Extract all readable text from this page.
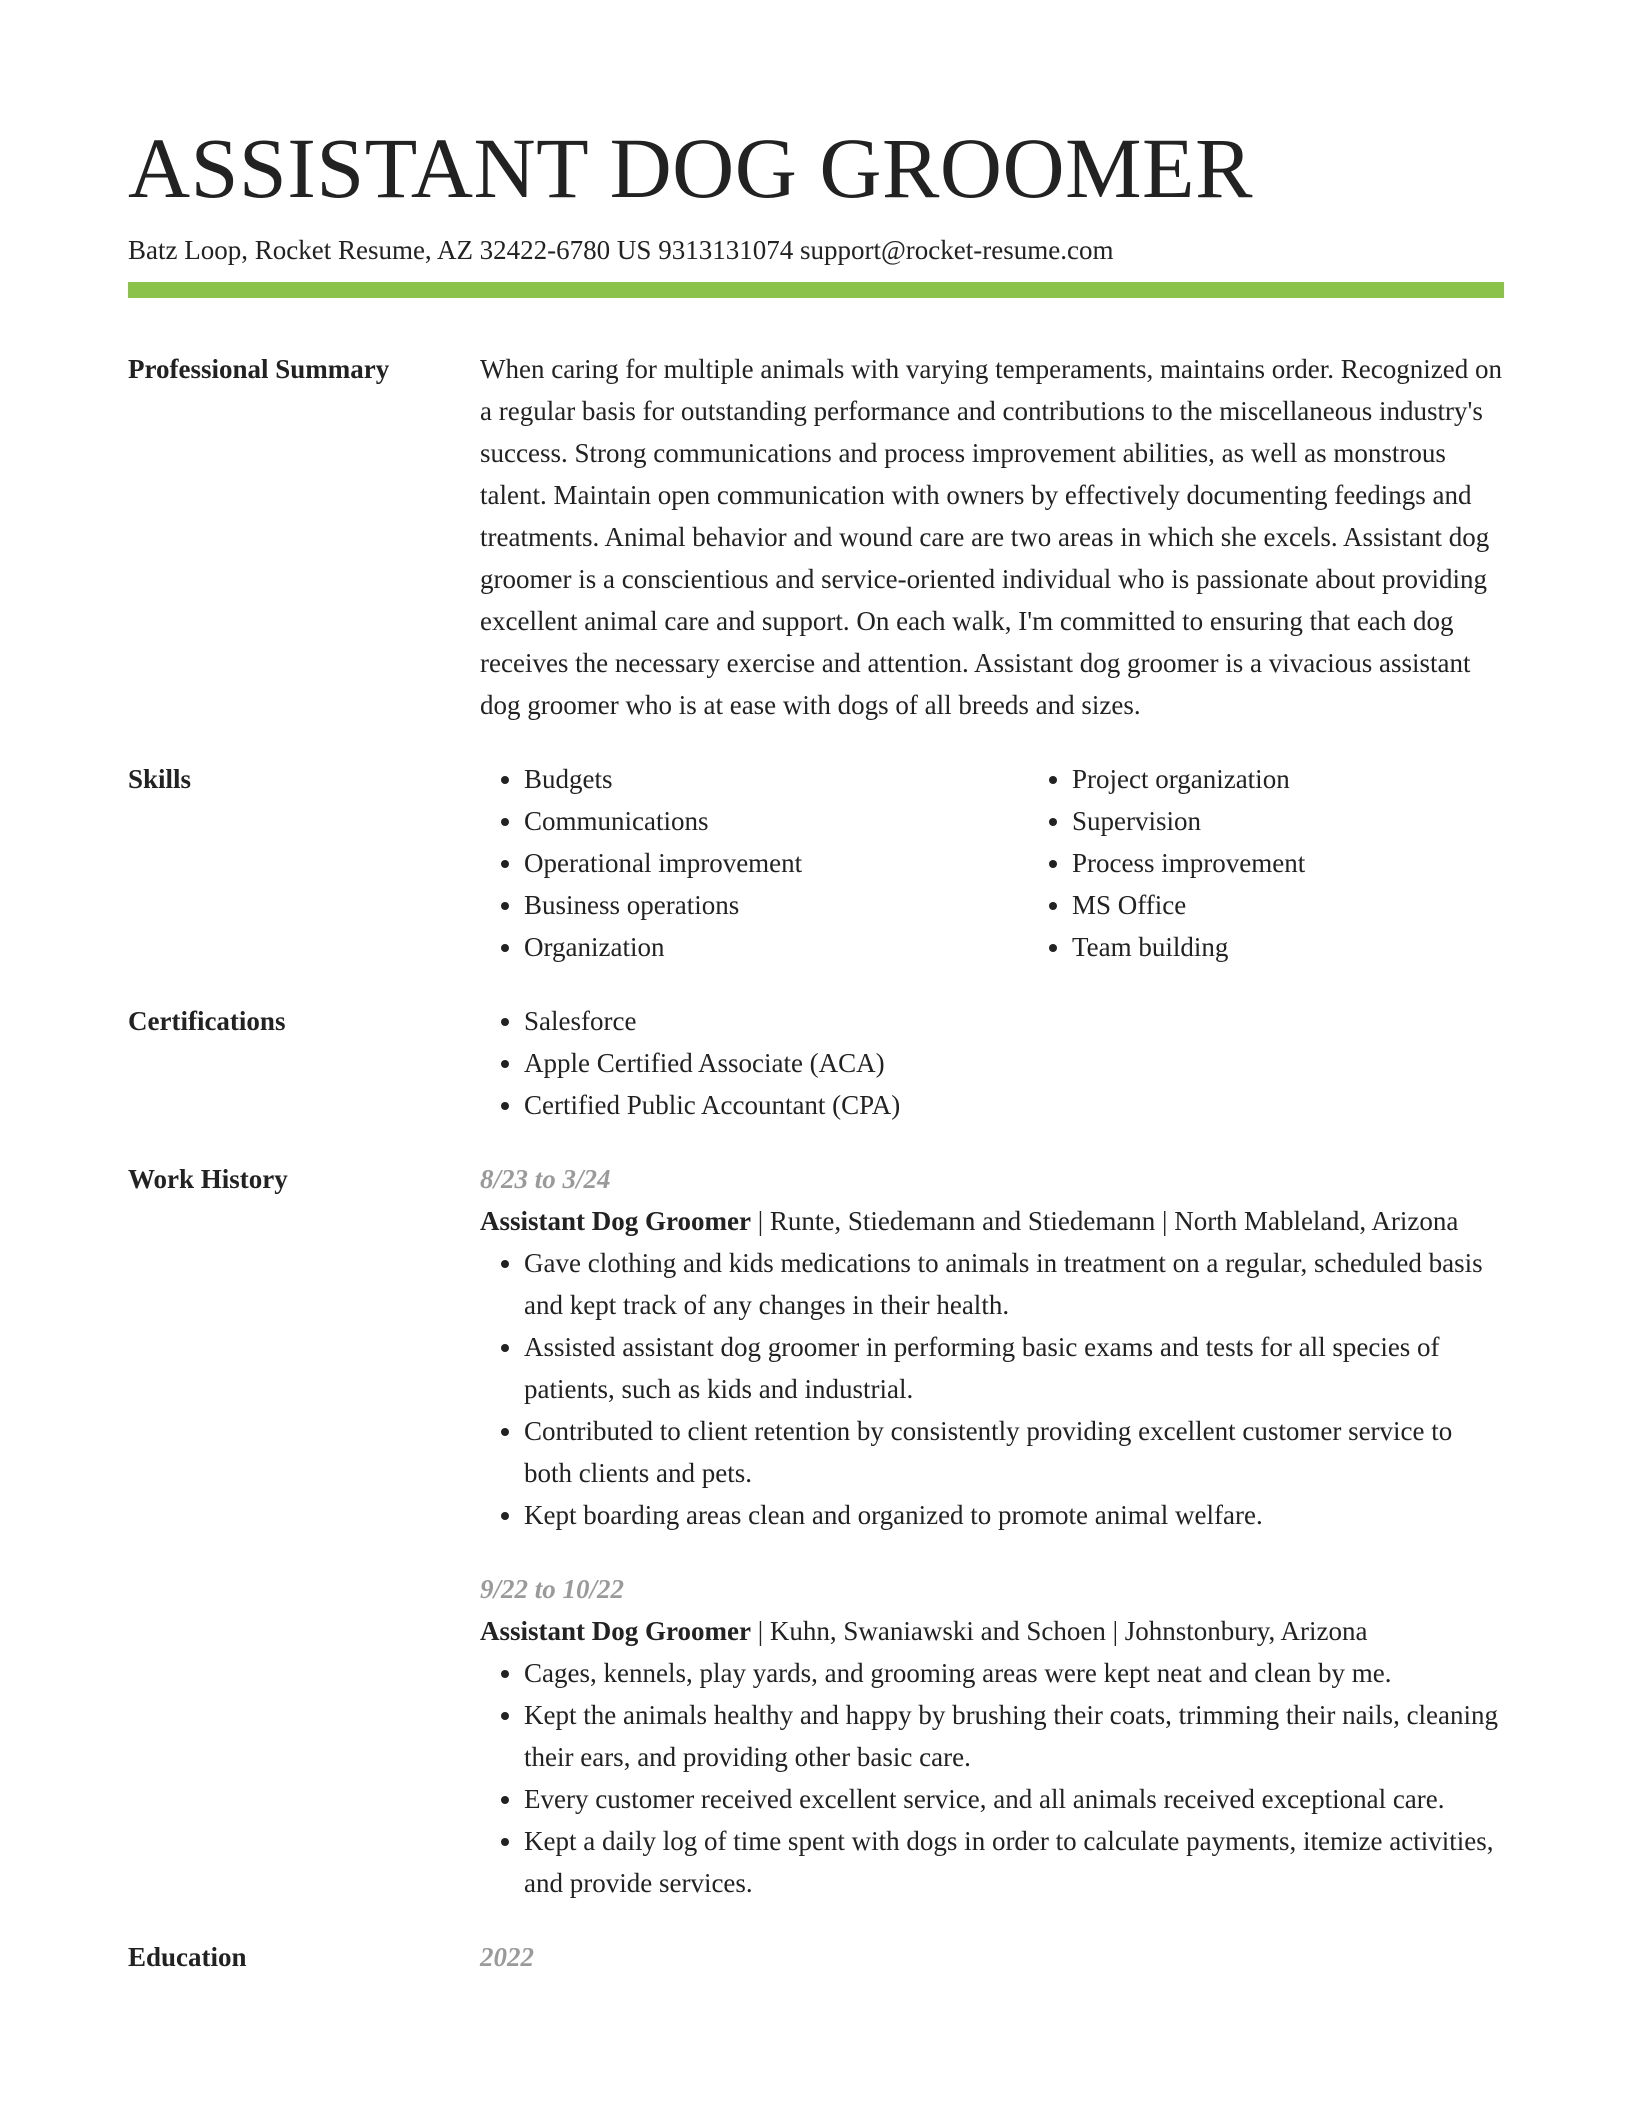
ASSISTANT DOG GROOMER
Batz Loop, Rocket Resume, AZ 32422-6780 US 9313131074 support@rocket-resume.com
Professional Summary	When caring for multiple animals with varying temperaments, maintains order. Recognized on a regular basis for outstanding performance and contributions to the miscellaneous industry's success. Strong communications and process improvement abilities, as well as monstrous talent. Maintain open communication with owners by effectively documenting feedings and treatments. Animal behavior and wound care are two areas in which she excels. Assistant dog groomer is a conscientious and service-oriented individual who is passionate about providing excellent animal care and support. On each walk, I'm committed to ensuring that each dog receives the necessary exercise and attention. Assistant dog groomer is a vivacious assistant dog groomer who is at ease with dogs of all breeds and sizes.
Skills	• Budgets
• Communications
• Operational improvement
• Business operations
• Organization
• Project organization
• Supervision
• Process improvement
• MS Office
• Team building
Certifications	• Salesforce
• Apple Certified Associate (ACA)
• Certified Public Accountant (CPA)
Work History	8/23 to 3/24
Assistant Dog Groomer | Runte, Stiedemann and Stiedemann | North Mableland, Arizona
• Gave clothing and kids medications to animals in treatment on a regular, scheduled basis and kept track of any changes in their health.
• Assisted assistant dog groomer in performing basic exams and tests for all species of patients, such as kids and industrial.
• Contributed to client retention by consistently providing excellent customer service to both clients and pets.
• Kept boarding areas clean and organized to promote animal welfare.
9/22 to 10/22
Assistant Dog Groomer | Kuhn, Swaniawski and Schoen | Johnstonbury, Arizona
• Cages, kennels, play yards, and grooming areas were kept neat and clean by me.
• Kept the animals healthy and happy by brushing their coats, trimming their nails, cleaning their ears, and providing other basic care.
• Every customer received excellent service, and all animals received exceptional care.
• Kept a daily log of time spent with dogs in order to calculate payments, itemize activities, and provide services.
Education	2022
